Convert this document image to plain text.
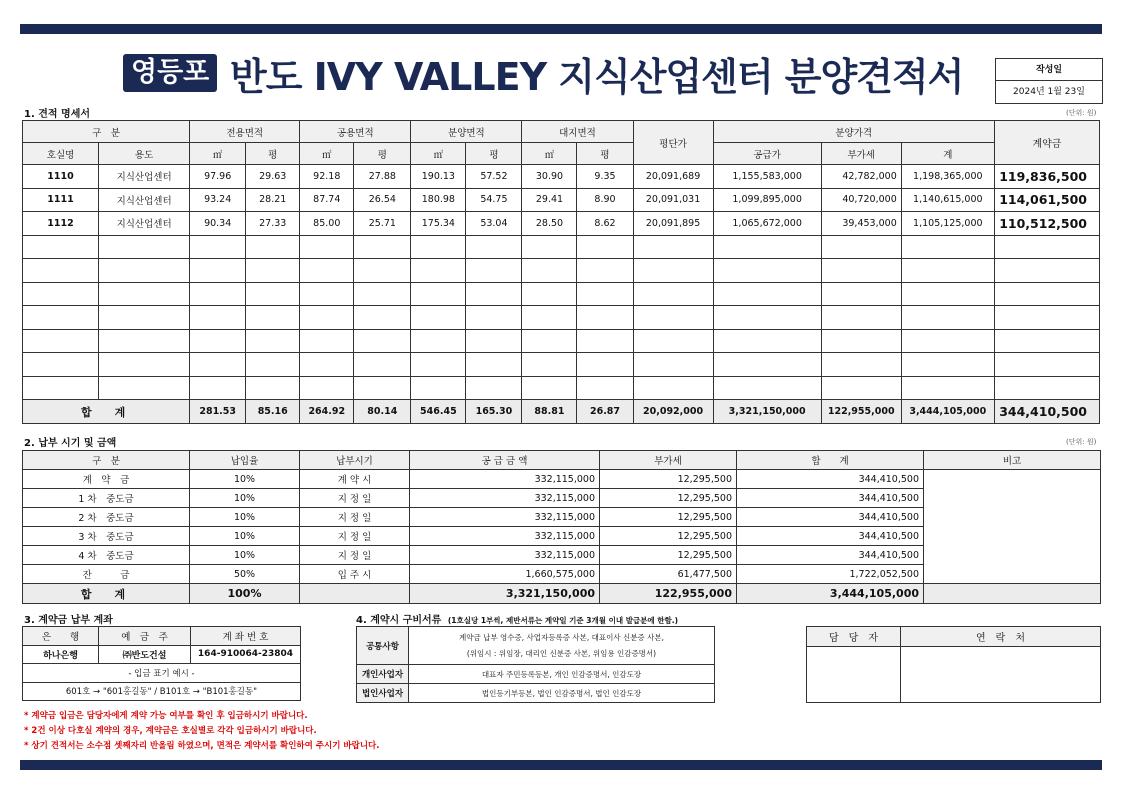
영등포 반도 IVY VALLEY 지식산업센터 분양견적서	작성일
2024년 1월 23일
1. 견적 명세서	(단위: 원)
구　분		전용면적		공용면적		분양면적		대지면적		평단가	분양가격			계약금
호실명	용도	㎡	평	㎡	평	㎡	평	㎡	평		공급가	부가세	계	
1110	지식산업센터	97.96	29.63	92.18	27.88	190.13	57.52	30.90	9.35	20,091,689	1,155,583,000	42,782,000	1,198,365,000	119,836,500
1111	지식산업센터	93.24	28.21	87.74	26.54	180.98	54.75	29.41	8.90	20,091,031	1,099,895,000	40,720,000	1,140,615,000	114,061,500
1112	지식산업센터	90.34	27.33	85.00	25.71	175.34	53.04	28.50	8.62	20,091,895	1,065,672,000	39,453,000	1,105,125,000	110,512,500

합　계		281.53	85.16	264.92	80.14	546.45	165.30	88.81	26.87	20,092,000	3,321,150,000	122,955,000	3,444,105,000	344,410,500
2. 납부 시기 및 금액	(단위: 원)
구　분	납입율	납부시기	공 급 금 액	부가세	합　　계	비고
계　약　금	10%	계 약 시	332,115,000	12,295,500	344,410,500	
1 차　중도금	10%	지 정 일	332,115,000	12,295,500	344,410,500	
2 차　중도금	10%	지 정 일	332,115,000	12,295,500	344,410,500	
3 차　중도금	10%	지 정 일	332,115,000	12,295,500	344,410,500	
4 차　중도금	10%	지 정 일	332,115,000	12,295,500	344,410,500	
잔　　　금	50%	입 주 시	1,660,575,000	61,477,500	1,722,052,500	
합　계	100%		3,321,150,000	122,955,000	3,444,105,000	
3. 계약금 납부 계좌
은　　행	예　금　주	계 좌 번 호
하나은행	㈜반도건설	164-910064-23804
- 입금 표기 예시 -		
601호 → "601홍길동" / B101호 → "B101홍길동"		
4. 계약시 구비서류 (1호실당 1부씩, 제반서류는 계약일 기준 3개월 이내 발급분에 한함.)
공통사항	계약금 납부 영수증, 사업자등록증 사본, 대표이사 신분증 사본,
(위임시 : 위임장, 대리인 신분증 사본, 위임용 인감증명서)

개인사업자	대표자 주민등록등본, 개인 인감증명서, 인감도장
법인사업자	법인등기부등본, 법인 인감증명서, 법인 인감도장
담　당　자	연　락　처

* 계약금 입금은 담당자에게 계약 가능 여부를 확인 후 입금하시기 바랍니다.
* 2건 이상 다호실 계약의 경우, 계약금은 호실별로 각각 입금하시기 바랍니다.
* 상기 견적서는 소수점 셋째자리 반올림 하였으며, 면적은 계약서를 확인하여 주시기 바랍니다.
